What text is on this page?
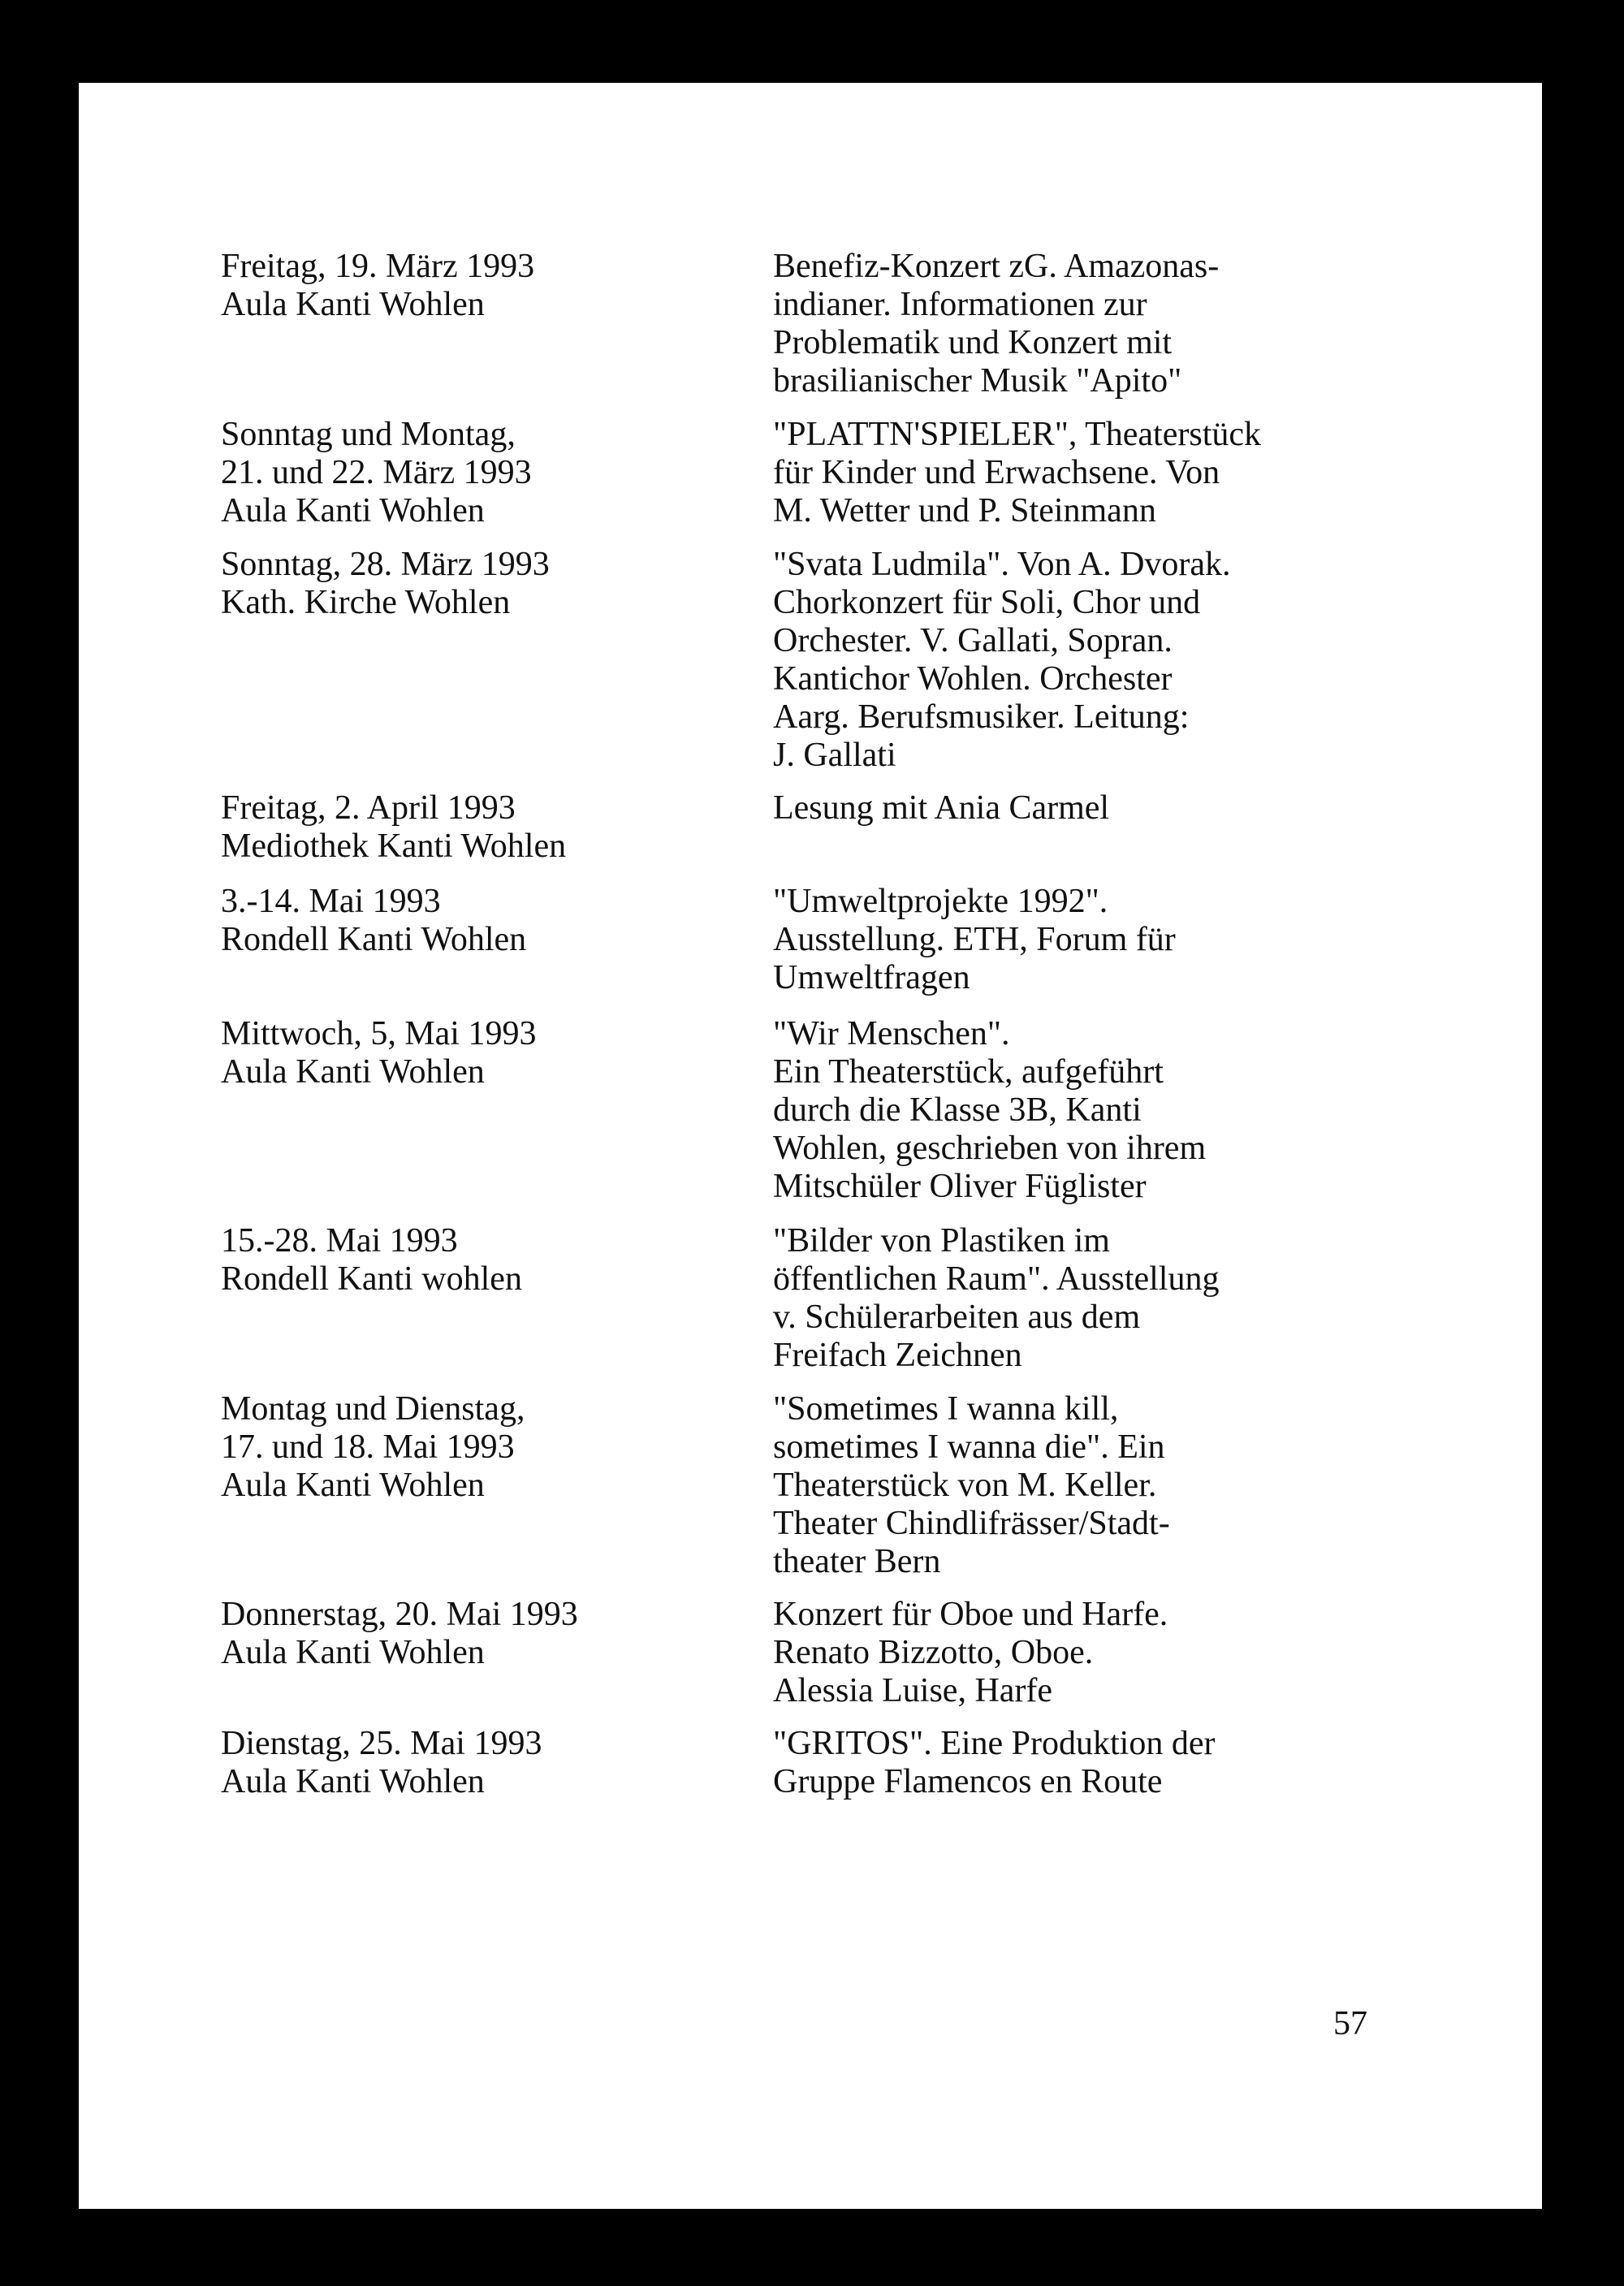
Freitag, 19. März 1993
Aula Kanti Wohlen
Benefiz-Konzert zG. Amazonas-
indianer. Informationen zur
Problematik und Konzert mit
brasilianischer Musik "Apito"
Sonntag und Montag,
21. und 22. März 1993
Aula Kanti Wohlen
"PLATTN'SPIELER", Theaterstück
für Kinder und Erwachsene. Von
M. Wetter und P. Steinmann
Sonntag, 28. März 1993
Kath. Kirche Wohlen
"Svata Ludmila". Von A. Dvorak.
Chorkonzert für Soli, Chor und
Orchester. V. Gallati, Sopran.
Kantichor Wohlen. Orchester
Aarg. Berufsmusiker. Leitung:
J. Gallati
Freitag, 2. April 1993
Mediothek Kanti Wohlen
Lesung mit Ania Carmel
3.-14. Mai 1993
Rondell Kanti Wohlen
"Umweltprojekte 1992".
Ausstellung. ETH, Forum für
Umweltfragen
Mittwoch, 5, Mai 1993
Aula Kanti Wohlen
"Wir Menschen".
Ein Theaterstück, aufgeführt
durch die Klasse 3B, Kanti
Wohlen, geschrieben von ihrem
Mitschüler Oliver Füglister
15.-28. Mai 1993
Rondell Kanti wohlen
"Bilder von Plastiken im
öffentlichen Raum". Ausstellung
v. Schülerarbeiten aus dem
Freifach Zeichnen
Montag und Dienstag,
17. und 18. Mai 1993
Aula Kanti Wohlen
"Sometimes I wanna kill,
sometimes I wanna die". Ein
Theaterstück von M. Keller.
Theater Chindlifrässer/Stadt-
theater Bern
Donnerstag, 20. Mai 1993
Aula Kanti Wohlen
Konzert für Oboe und Harfe.
Renato Bizzotto, Oboe.
Alessia Luise, Harfe
Dienstag, 25. Mai 1993
Aula Kanti Wohlen
"GRITOS". Eine Produktion der
Gruppe Flamencos en Route
57
